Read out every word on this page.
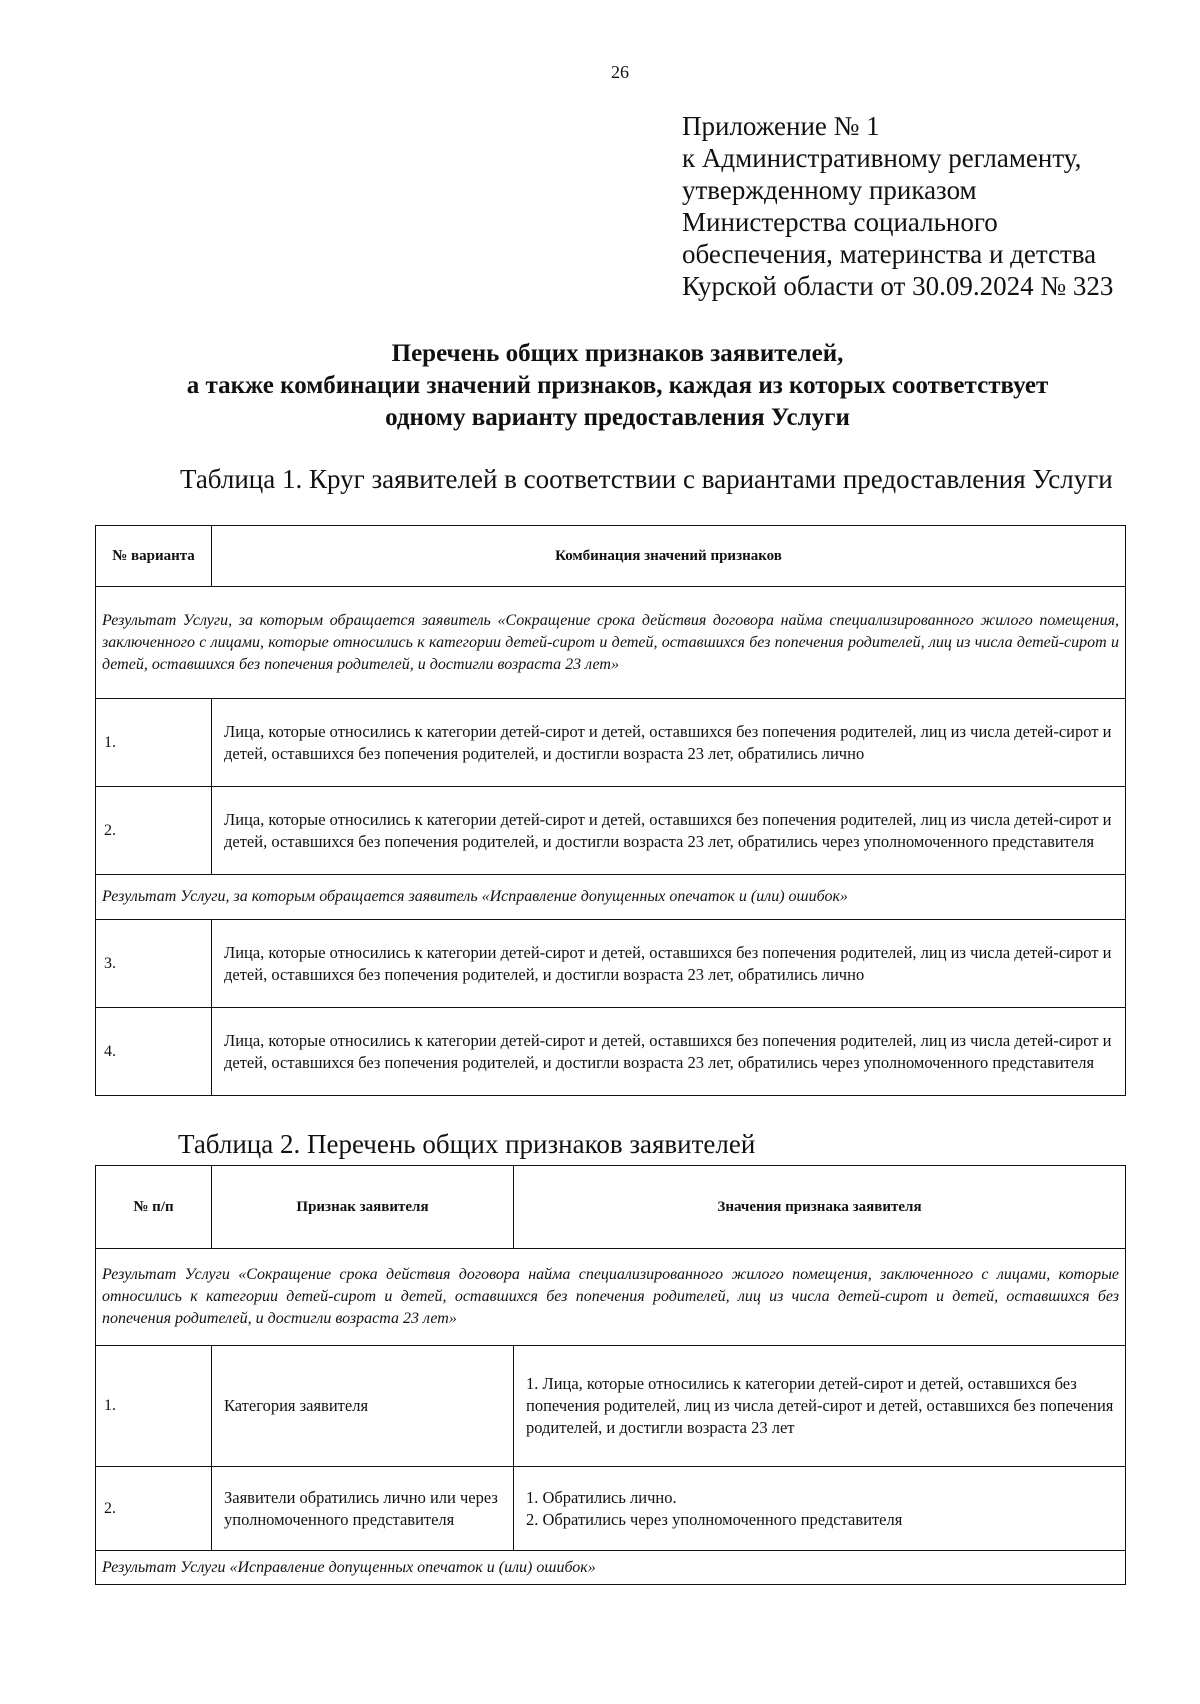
26
Приложение № 1
к Административному регламенту,
утвержденному приказом
Министерства социального
обеспечения, материнства и детства
Курской области от 30.09.2024 № 323
Перечень общих признаков заявителей,
а также комбинации значений признаков, каждая из которых соответствует
одному варианту предоставления Услуги
Таблица 1. Круг заявителей в соответствии с вариантами предоставления Услуги
№ варианта	Комбинация значений признаков
Результат Услуги, за которым обращается заявитель «Сокращение срока действия договора найма специализированного жилого помещения, заключенного с лицами, которые относились к категории детей-сирот и детей, оставшихся без попечения родителей, лиц из числа детей-сирот и детей, оставшихся без попечения родителей, и достигли возраста 23 лет»	
1.	Лица, которые относились к категории детей-сирот и детей, оставшихся без попечения родителей, лиц из числа детей-сирот и детей, оставшихся без попечения родителей, и достигли возраста 23 лет, обратились лично
2.	Лица, которые относились к категории детей-сирот и детей, оставшихся без попечения родителей, лиц из числа детей-сирот и детей, оставшихся без попечения родителей, и достигли возраста 23 лет, обратились через уполномоченного представителя
Результат Услуги, за которым обращается заявитель «Исправление допущенных опечаток и (или) ошибок»	
3.	Лица, которые относились к категории детей-сирот и детей, оставшихся без попечения родителей, лиц из числа детей-сирот и детей, оставшихся без попечения родителей, и достигли возраста 23 лет, обратились лично
4.	Лица, которые относились к категории детей-сирот и детей, оставшихся без попечения родителей, лиц из числа детей-сирот и детей, оставшихся без попечения родителей, и достигли возраста 23 лет, обратились через уполномоченного представителя
Таблица 2. Перечень общих признаков заявителей
№ п/п	Признак заявителя	Значения признака заявителя
Результат Услуги «Сокращение срока действия договора найма специализированного жилого помещения, заключенного с лицами, которые относились к категории детей-сирот и детей, оставшихся без попечения родителей, лиц из числа детей-сирот и детей, оставшихся без попечения родителей, и достигли возраста 23 лет»		
1.	Категория заявителя	1. Лица, которые относились к категории детей-сирот и детей, оставшихся без попечения родителей, лиц из числа детей-сирот и детей, оставшихся без попечения родителей, и достигли возраста 23 лет

2.	Заявители обратились лично или через уполномоченного представителя	1. Обратились лично.
2. Обратились через уполномоченного представителя

Результат Услуги «Исправление допущенных опечаток и (или) ошибок»		
